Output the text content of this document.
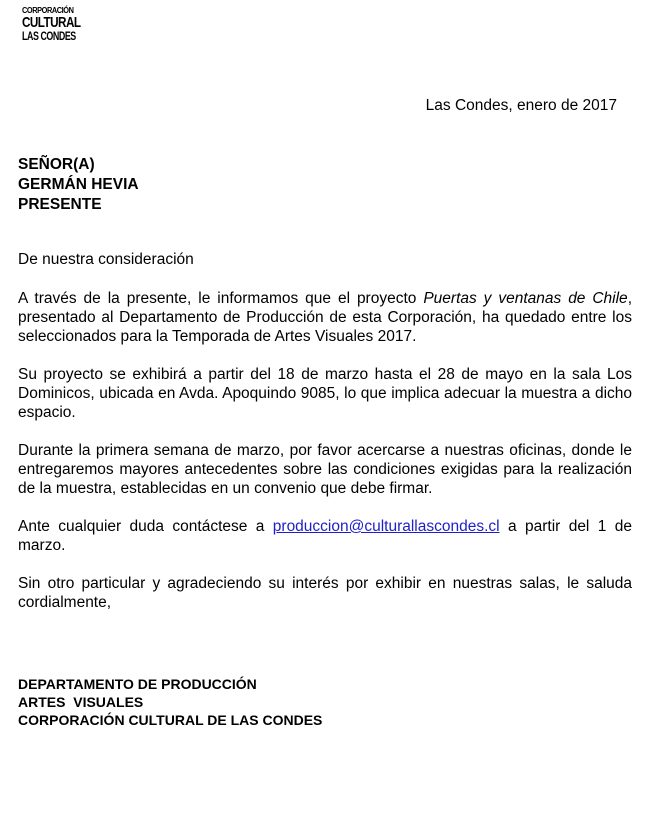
CORPORACIÓN
CULTURAL
LAS CONDES
Las Condes, enero de 2017
SEÑOR(A)
GERMÁN HEVIA
PRESENTE

De nuestra consideración

A través de la presente, le informamos que el proyecto Puertas y ventanas de Chile, presentado al Departamento de Producción de esta Corporación, ha quedado entre los seleccionados para la Temporada de Artes Visuales 2017.

Su proyecto se exhibirá a partir del 18 de marzo hasta el 28 de mayo en la sala Los Dominicos, ubicada en Avda. Apoquindo 9085, lo que implica adecuar la muestra a dicho espacio.

Durante la primera semana de marzo, por favor acercarse a nuestras oficinas, donde le entregaremos mayores antecedentes sobre las condiciones exigidas para la realización de la muestra, establecidas en un convenio que debe firmar.

Ante cualquier duda contáctese a produccion@culturallascondes.cl a partir del 1 de marzo.

Sin otro particular y agradeciendo su interés por exhibir en nuestras salas, le saluda cordialmente,

DEPARTAMENTO DE PRODUCCIÓN
ARTES  VISUALES
CORPORACIÓN CULTURAL DE LAS CONDES
